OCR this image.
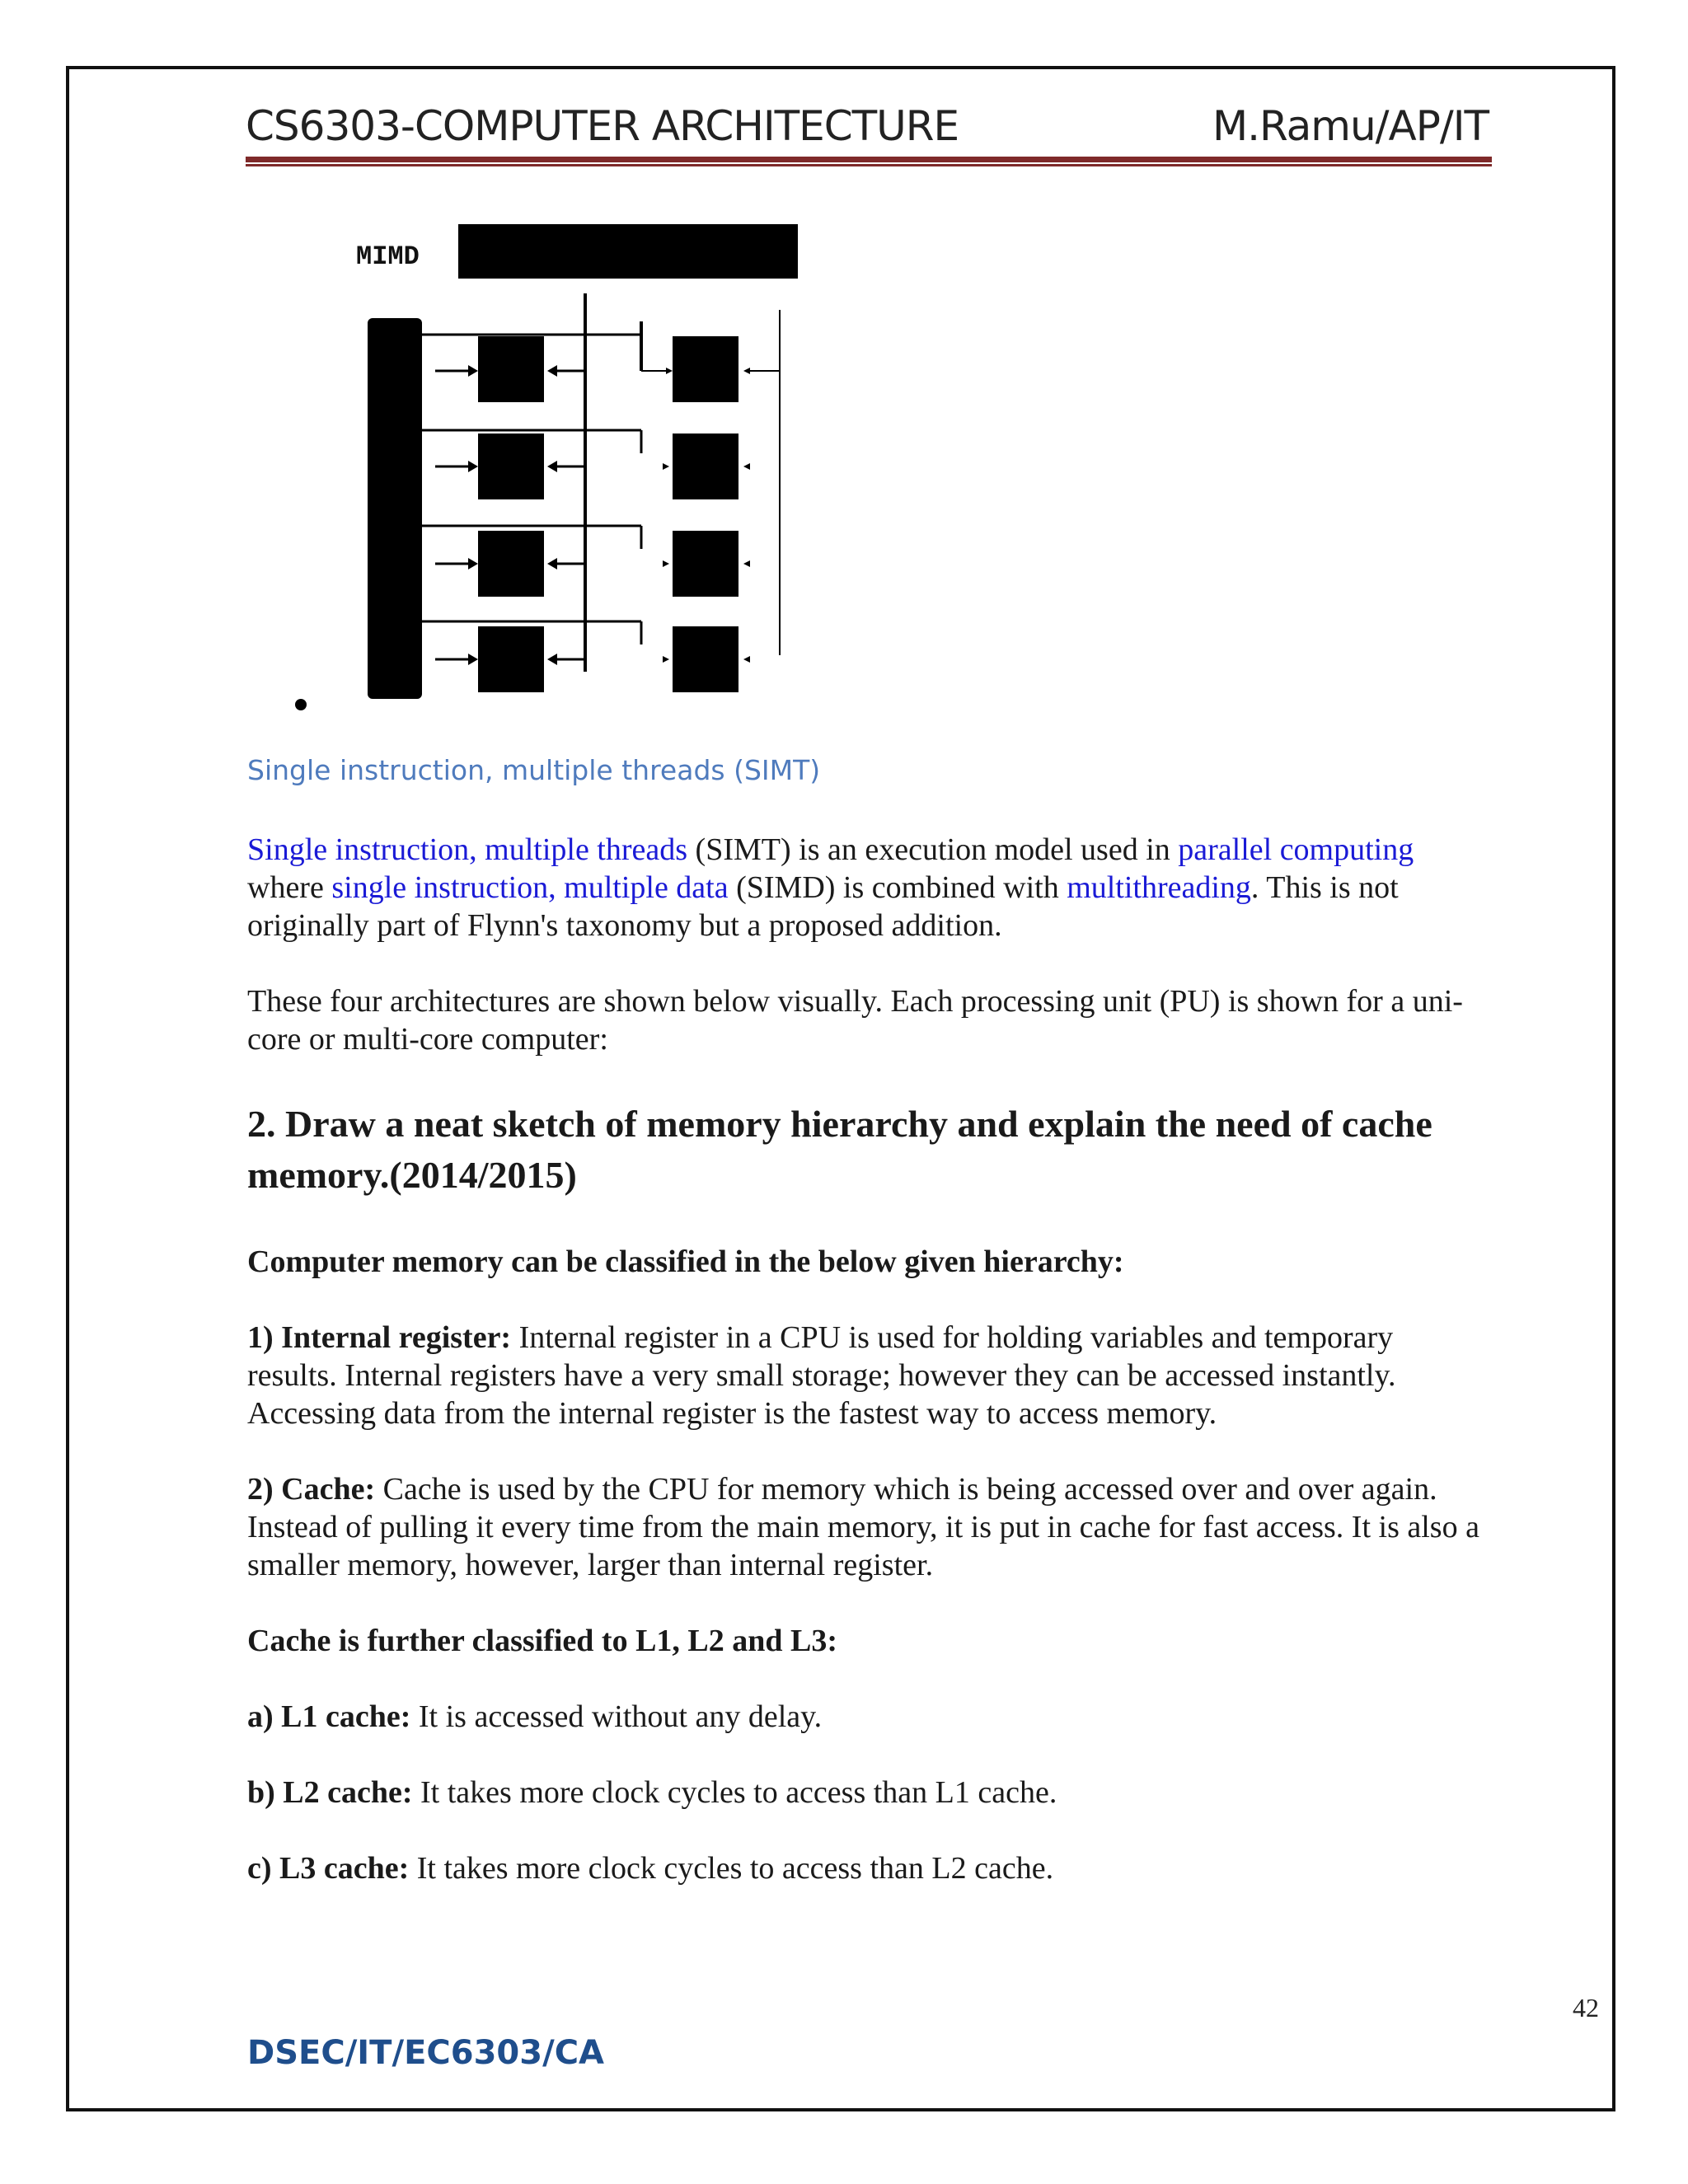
CS6303-COMPUTER ARCHITECTURE	M.Ramu/AP/IT
MIMD
Single instruction, multiple threads (SIMT)
Single instruction, multiple threads (SIMT) is an execution model used in parallel computing where single instruction, multiple data (SIMD) is combined with multithreading. This is not originally part of Flynn's taxonomy but a proposed addition.
These four architectures are shown below visually. Each processing unit (PU) is shown for a uni-core or multi-core computer:
2. Draw a neat sketch of memory hierarchy and explain the need of cache memory.(2014/2015)
Computer memory can be classified in the below given hierarchy:
1) Internal register: Internal register in a CPU is used for holding variables and temporary results. Internal registers have a very small storage; however they can be accessed instantly. Accessing data from the internal register is the fastest way to access memory.
2) Cache: Cache is used by the CPU for memory which is being accessed over and over again. Instead of pulling it every time from the main memory, it is put in cache for fast access. It is also a smaller memory, however, larger than internal register.
Cache is further classified to L1, L2 and L3:
a) L1 cache: It is accessed without any delay.
b) L2 cache: It takes more clock cycles to access than L1 cache.
c) L3 cache: It takes more clock cycles to access than L2 cache.
42
DSEC/IT/EC6303/CA
